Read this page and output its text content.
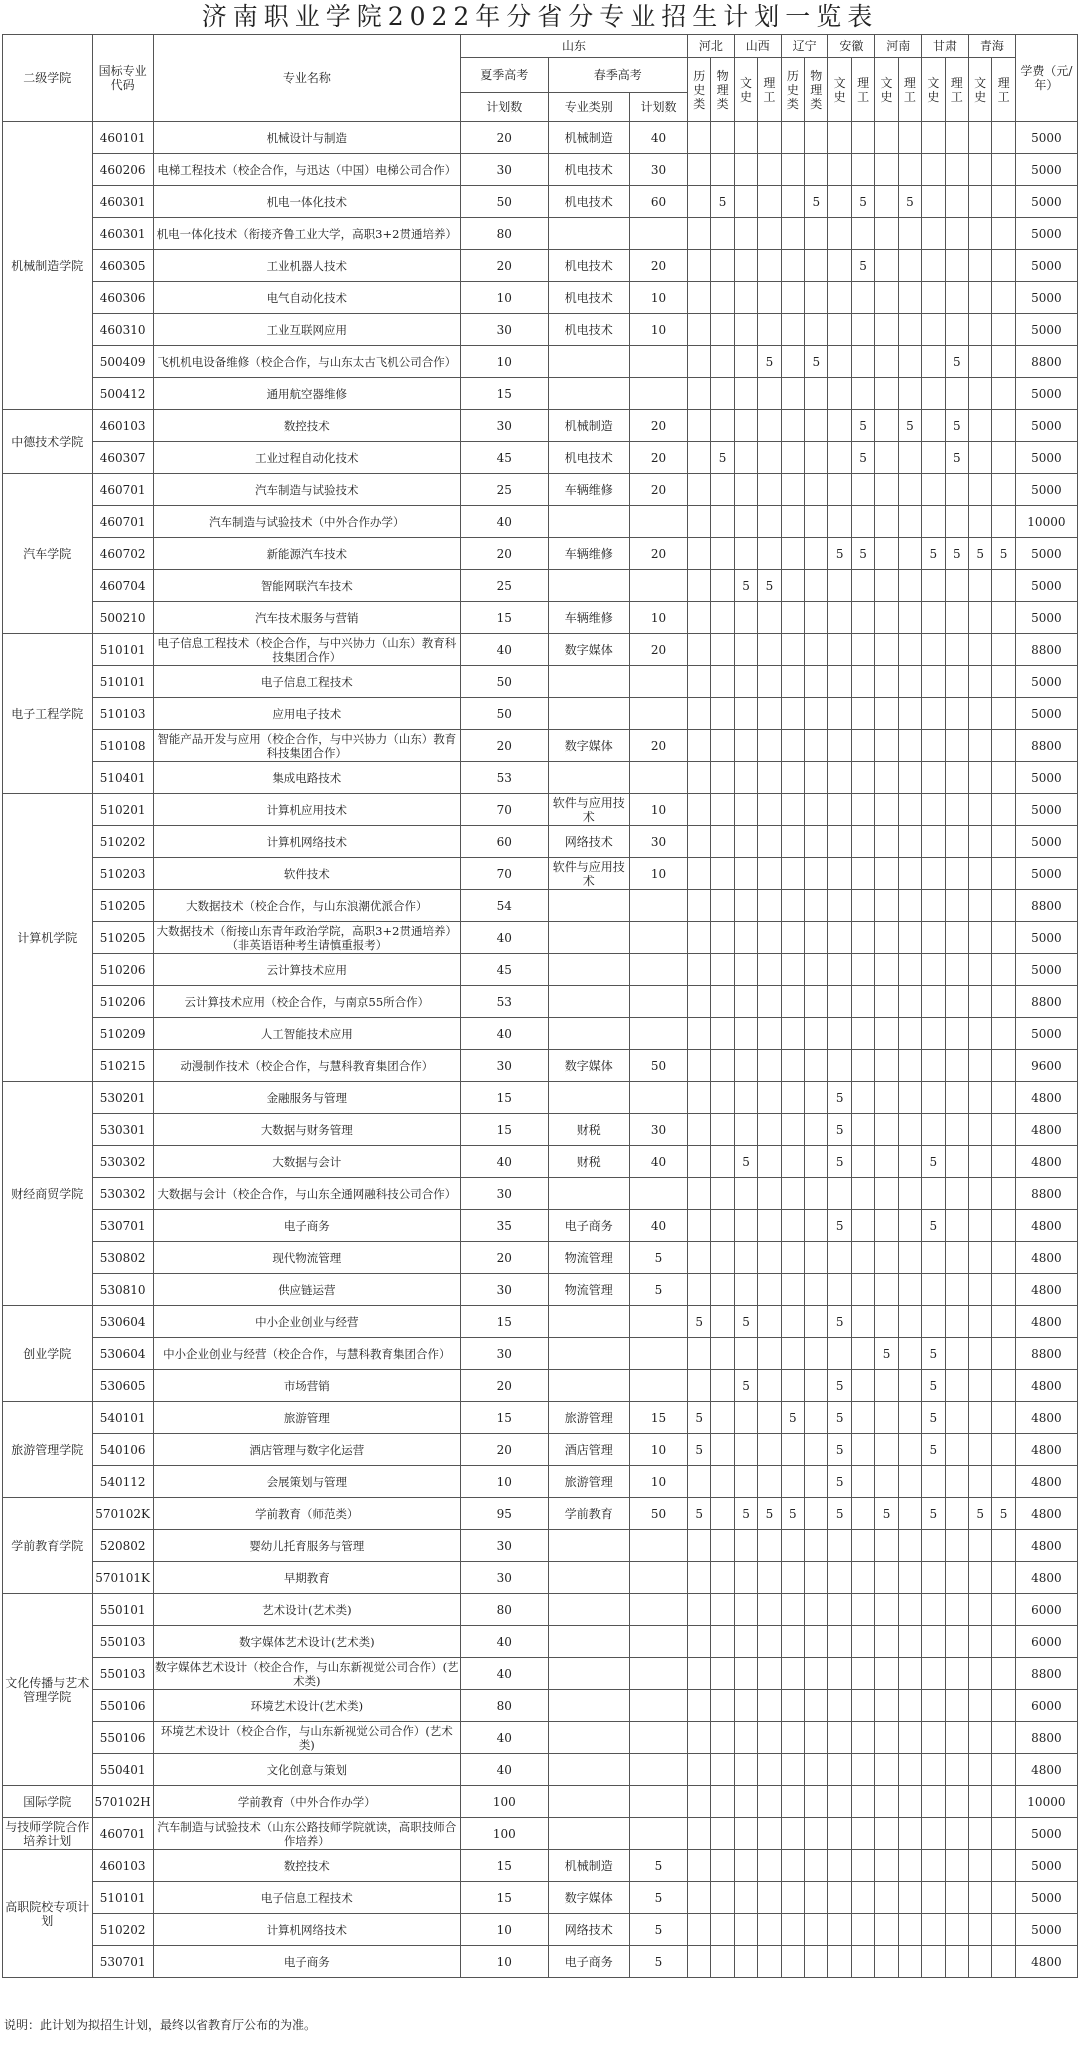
济南职业学院2022年分省分专业招生计划一览表
二级学院	国标专业代码	专业名称	山东			河北		山西		辽宁		安徽		河南		甘肃		青海		学费（元/年）
			夏季高考	春季高考		历史类	物理类	文史	理工	历史类	物理类	文史	理工	文史	理工	文史	理工	文史	理工	
			计划数	专业类别	计划数															
机械制造学院	460101	机械设计与制造	20	机械制造	40															5000
	460206	电梯工程技术（校企合作，与迅达（中国）电梯公司合作）	30	机电技术	30															5000
	460301	机电一体化技术	50	机电技术	60		5				5		5		5					5000
	460301	机电一体化技术（衔接齐鲁工业大学，高职3+2贯通培养）	80																	5000
	460305	工业机器人技术	20	机电技术	20								5							5000
	460306	电气自动化技术	10	机电技术	10															5000
	460310	工业互联网应用	30	机电技术	10															5000
	500409	飞机机电设备维修（校企合作，与山东太古飞机公司合作）	10						5		5						5			8800
	500412	通用航空器维修	15																	5000
中德技术学院	460103	数控技术	30	机械制造	20								5		5		5			5000
	460307	工业过程自动化技术	45	机电技术	20		5						5				5			5000
汽车学院	460701	汽车制造与试验技术	25	车辆维修	20															5000
	460701	汽车制造与试验技术（中外合作办学）	40																	10000
	460702	新能源汽车技术	20	车辆维修	20							5	5			5	5	5	5	5000
	460704	智能网联汽车技术	25					5	5											5000
	500210	汽车技术服务与营销	15	车辆维修	10															5000
电子工程学院	510101	电子信息工程技术（校企合作，与中兴协力（山东）教育科技集团合作）	40	数字媒体	20															8800
	510101	电子信息工程技术	50																	5000
	510103	应用电子技术	50																	5000
	510108	智能产品开发与应用（校企合作，与中兴协力（山东）教育科技集团合作）	20	数字媒体	20															8800
	510401	集成电路技术	53																	5000
计算机学院	510201	计算机应用技术	70	软件与应用技术	10															5000
	510202	计算机网络技术	60	网络技术	30															5000
	510203	软件技术	70	软件与应用技术	10															5000
	510205	大数据技术（校企合作，与山东浪潮优派合作）	54																	8800
	510205	大数据技术（衔接山东青年政治学院，高职3+2贯通培养）（非英语语种考生请慎重报考）	40																	5000
	510206	云计算技术应用	45																	5000
	510206	云计算技术应用（校企合作，与南京55所合作）	53																	8800
	510209	人工智能技术应用	40																	5000
	510215	动漫制作技术（校企合作，与慧科教育集团合作）	30	数字媒体	50															9600
财经商贸学院	530201	金融服务与管理	15									5								4800
	530301	大数据与财务管理	15	财税	30							5								4800
	530302	大数据与会计	40	财税	40			5				5				5				4800
	530302	大数据与会计（校企合作，与山东全通网融科技公司合作）	30																	8800
	530701	电子商务	35	电子商务	40							5				5				4800
	530802	现代物流管理	20	物流管理	5															4800
	530810	供应链运营	30	物流管理	5															4800
创业学院	530604	中小企业创业与经营	15			5		5				5								4800
	530604	中小企业创业与经营（校企合作，与慧科教育集团合作）	30											5		5				8800
	530605	市场营销	20					5				5				5				4800
旅游管理学院	540101	旅游管理	15	旅游管理	15	5				5		5				5				4800
	540106	酒店管理与数字化运营	20	酒店管理	10	5						5				5				4800
	540112	会展策划与管理	10	旅游管理	10							5								4800
学前教育学院	570102K	学前教育（师范类）	95	学前教育	50	5		5	5	5		5		5		5		5	5	4800
	520802	婴幼儿托育服务与管理	30																	4800
	570101K	早期教育	30																	4800
文化传播与艺术管理学院	550101	艺术设计(艺术类)	80																	6000
	550103	数字媒体艺术设计(艺术类)	40																	6000
	550103	数字媒体艺术设计（校企合作，与山东新视觉公司合作）(艺术类)	40																	8800
	550106	环境艺术设计(艺术类)	80																	6000
	550106	环境艺术设计（校企合作，与山东新视觉公司合作）(艺术类)	40																	8800
	550401	文化创意与策划	40																	4800
国际学院	570102H	学前教育（中外合作办学）	100																	10000
与技师学院合作培养计划	460701	汽车制造与试验技术（山东公路技师学院就读，高职技师合作培养）	100																	5000
高职院校专项计划	460103	数控技术	15	机械制造	5															5000
	510101	电子信息工程技术	15	数字媒体	5															5000
	510202	计算机网络技术	10	网络技术	5															5000
	530701	电子商务	10	电子商务	5															4800
说明：此计划为拟招生计划，最终以省教育厅公布的为准。
